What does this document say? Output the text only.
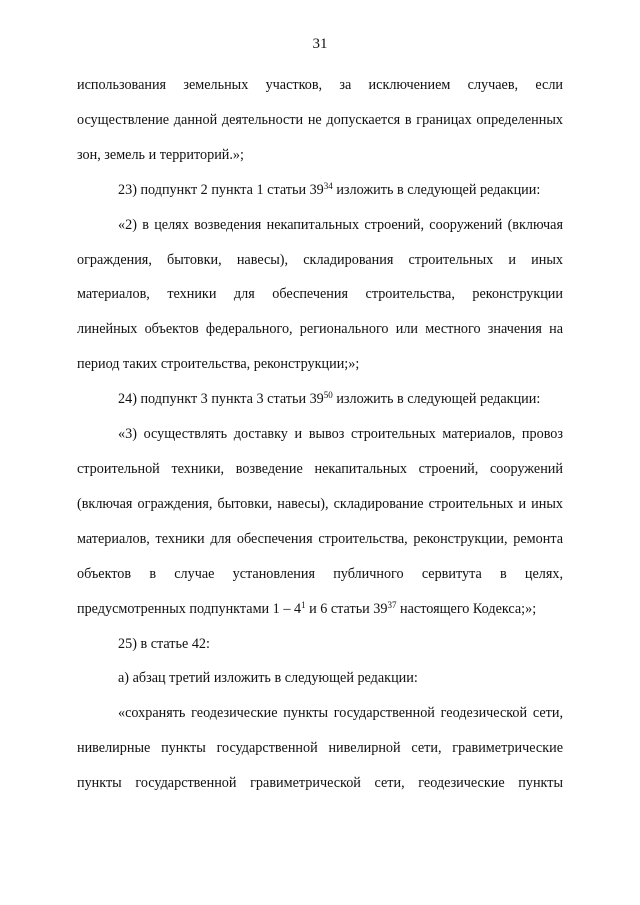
31
использования земельных участков, за исключением случаев, если
осуществление данной деятельности не допускается в границах определенных
зон, земель и территорий.»;
23) подпункт 2 пункта 1 статьи $39^{34}$ изложить в следующей редакции:
«2) в целях возведения некапитальных строений, сооружений (включая
ограждения, бытовки, навесы), складирования строительных и иных
материалов, техники для обеспечения строительства, реконструкции
линейных объектов федерального, регионального или местного значения на
период таких строительства, реконструкции;»;
24) подпункт 3 пункта 3 статьи $39^{50}$ изложить в следующей редакции:
«3) осуществлять доставку и вывоз строительных материалов, провоз
строительной техники, возведение некапитальных строений, сооружений
(включая ограждения, бытовки, навесы), складирование строительных и иных
материалов, техники для обеспечения строительства, реконструкции, ремонта
объектов в случае установления публичного сервитута в целях,
предусмотренных подпунктами $1 - 4^1$ и 6 статьи $39^{37}$ настоящего Кодекса;»;
25) в статье 42:
а) абзац третий изложить в следующей редакции:
«сохранять геодезические пункты государственной геодезической сети,
нивелирные пункты государственной нивелирной сети, гравиметрические
пункты государственной гравиметрической сети, геодезические пункты
